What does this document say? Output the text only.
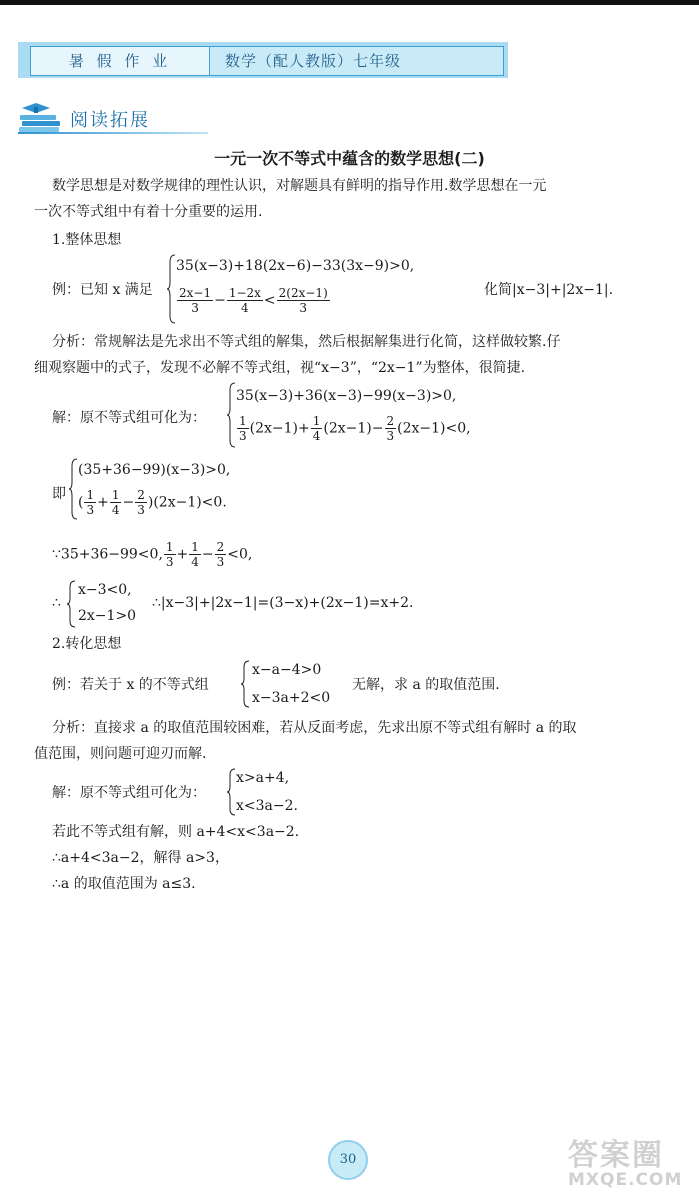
暑 假 作 业	数学（配人教版）七年级
阅读拓展
一元一次不等式中蕴含的数学思想(二)
数学思想是对数学规律的理性认识，对解题具有鲜明的指导作用.数学思想在一元
一次不等式组中有着十分重要的运用.
1.整体思想
例：已知 x 满足
35(x−3)+18(2x−6)−33(3x−9)>0,
$\frac{2x-1}{3} - \frac{1-2x}{4} < \frac{2(2x-1)}{3}$	化简|x−3|+|2x−1|.
分析：常规解法是先求出不等式组的解集，然后根据解集进行化简，这样做较繁.仔
细观察题中的式子，发现不必解不等式组，视“x−3”，“2x−1”为整体，很简捷.
解：原不等式组可化为：
35(x−3)+36(x−3)−99(x−3)>0,
$\frac{1}{3} (2x-1)+ \frac{1}{4} (2x-1)- \frac{2}{3} (2x-1)<0$,
即
(35+36−99)(x−3)>0,
( $\frac{1}{3} + \frac{1}{4} - \frac{2}{3} )(2x-1)<0$.
∵35+36−99<0, $\frac{1}{3} + \frac{1}{4} - \frac{2}{3} <0$,
∴
x−3<0,
2x−1>0
∴|x−3|+|2x−1|=(3−x)+(2x−1)=x+2.
2.转化思想
例：若关于 x 的不等式组
x−a−4>0
x−3a+2<0
无解，求 a 的取值范围.
分析：直接求 a 的取值范围较困难，若从反面考虑，先求出原不等式组有解时 a 的取
值范围，则问题可迎刃而解.
解：原不等式组可化为：
x>a+4,
x<3a−2.
若此不等式组有解，则 a+4<x<3a−2.
∴a+4<3a−2，解得 a>3，
∴a 的取值范围为 a≤3.
30	答案圈
MXQE.COM
